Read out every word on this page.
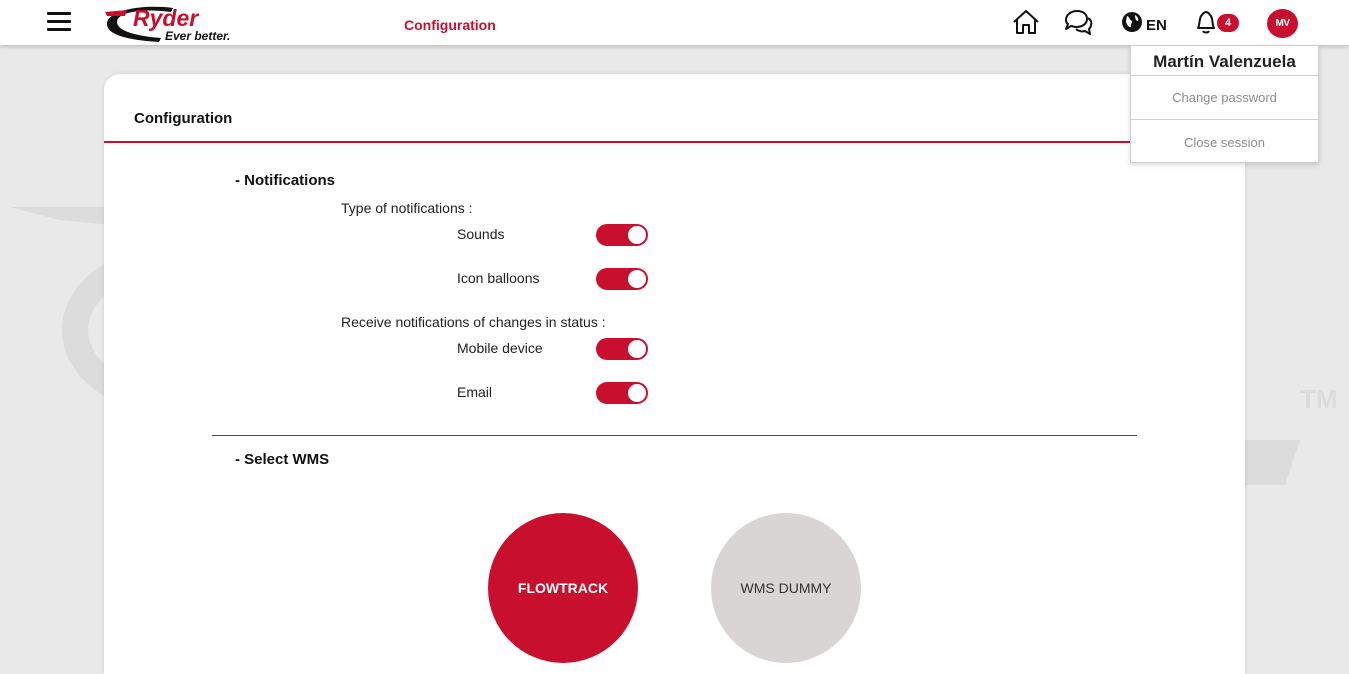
TM
Ryder
Ever better.
Configuration	EN	4	MV
Configuration
- Notifications
Type of notifications :
Sounds
Icon balloons
Receive notifications of changes in status :
Mobile device
Email
- Select WMS
FLOWTRACK	WMS DUMMY
Martín Valenzuela
Change password
Close session
